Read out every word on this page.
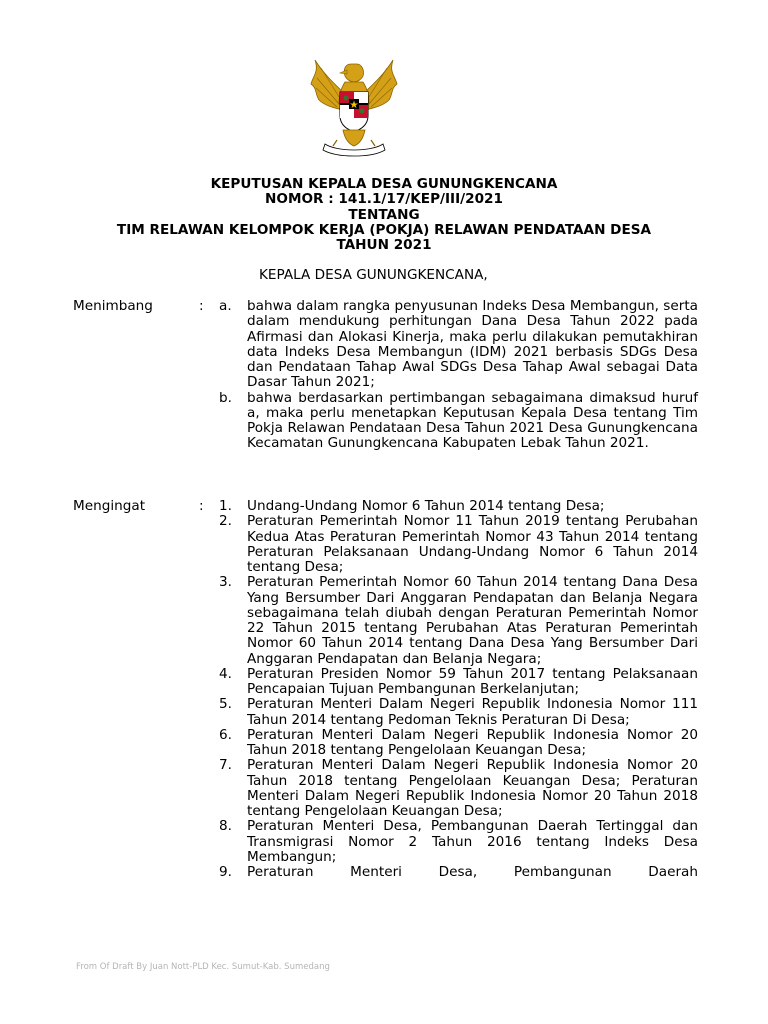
KEPUTUSAN KEPALA DESA GUNUNGKENCANA
NOMOR : 141.1/17/KEP/III/2021
TENTANG
TIM RELAWAN KELOMPOK KERJA (POKJA) RELAWAN PENDATAAN DESA
TAHUN 2021
KEPALA DESA GUNUNGKENCANA,
Menimbang	: a. bahwa dalam rangka penyusunan Indeks Desa Membangun, serta dalam mendukung perhitungan Dana Desa Tahun 2022 pada Afirmasi dan Alokasi Kinerja, maka perlu dilakukan pemutakhiran data Indeks Desa Membangun (IDM) 2021 berbasis SDGs Desa dan Pendataan Tahap Awal SDGs Desa Tahap Awal sebagai Data Dasar Tahun 2021;
b. bahwa berdasarkan pertimbangan sebagaimana dimaksud huruf a, maka perlu menetapkan Keputusan Kepala Desa tentang Tim Pokja Relawan Pendataan Desa Tahun 2021 Desa Gunungkencana Kecamatan Gunungkencana Kabupaten Lebak Tahun 2021.
Mengingat	: 1. Undang-Undang Nomor 6 Tahun 2014 tentang Desa;
2. Peraturan Pemerintah Nomor 11 Tahun 2019 tentang Perubahan Kedua Atas Peraturan Pemerintah Nomor 43 Tahun 2014 tentang Peraturan Pelaksanaan Undang-Undang Nomor 6 Tahun 2014 tentang Desa;
3. Peraturan Pemerintah Nomor 60 Tahun 2014 tentang Dana Desa Yang Bersumber Dari Anggaran Pendapatan dan Belanja Negara sebagaimana telah diubah dengan Peraturan Pemerintah Nomor 22 Tahun 2015 tentang Perubahan Atas Peraturan Pemerintah Nomor 60 Tahun 2014 tentang Dana Desa Yang Bersumber Dari Anggaran Pendapatan dan Belanja Negara;
4. Peraturan Presiden Nomor 59 Tahun 2017 tentang Pelaksanaan Pencapaian Tujuan Pembangunan Berkelanjutan;
5. Peraturan Menteri Dalam Negeri Republik Indonesia Nomor 111 Tahun 2014 tentang Pedoman Teknis Peraturan Di Desa;
6. Peraturan Menteri Dalam Negeri Republik Indonesia Nomor 20 Tahun 2018 tentang Pengelolaan Keuangan Desa;
7. Peraturan Menteri Dalam Negeri Republik Indonesia Nomor 20 Tahun 2018 tentang Pengelolaan Keuangan Desa; Peraturan Menteri Dalam Negeri Republik Indonesia Nomor 20 Tahun 2018 tentang Pengelolaan Keuangan Desa;
8. Peraturan Menteri Desa, Pembangunan Daerah Tertinggal dan Transmigrasi Nomor 2 Tahun 2016 tentang Indeks Desa Membangun;
9. Peraturan Menteri Desa, Pembangunan Daerah
From Of Draft By Juan Nott-PLD Kec. Sumut-Kab. Sumedang
